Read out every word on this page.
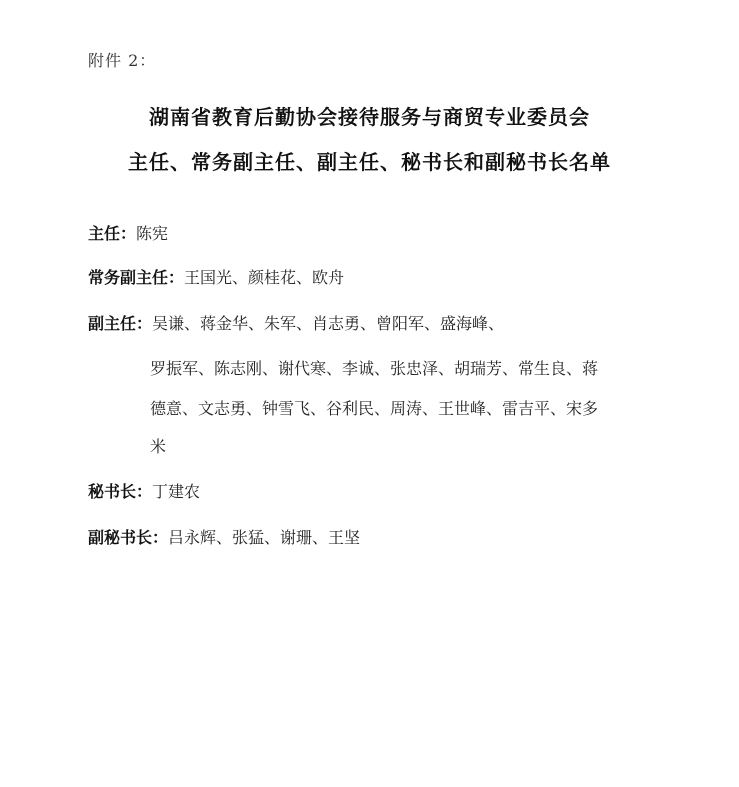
附件 2：
湖南省教育后勤协会接待服务与商贸专业委员会
主任、常务副主任、副主任、秘书长和副秘书长名单
主任：陈宪
常务副主任：王国光、颜桂花、欧舟
副主任：吴谦、蒋金华、朱军、肖志勇、曾阳军、盛海峰、
罗振军、陈志刚、谢代寒、李诚、张忠泽、胡瑞芳、常生良、蒋
德意、文志勇、钟雪飞、谷利民、周涛、王世峰、雷吉平、宋多
米
秘书长：丁建农
副秘书长：吕永辉、张猛、谢珊、王坚
